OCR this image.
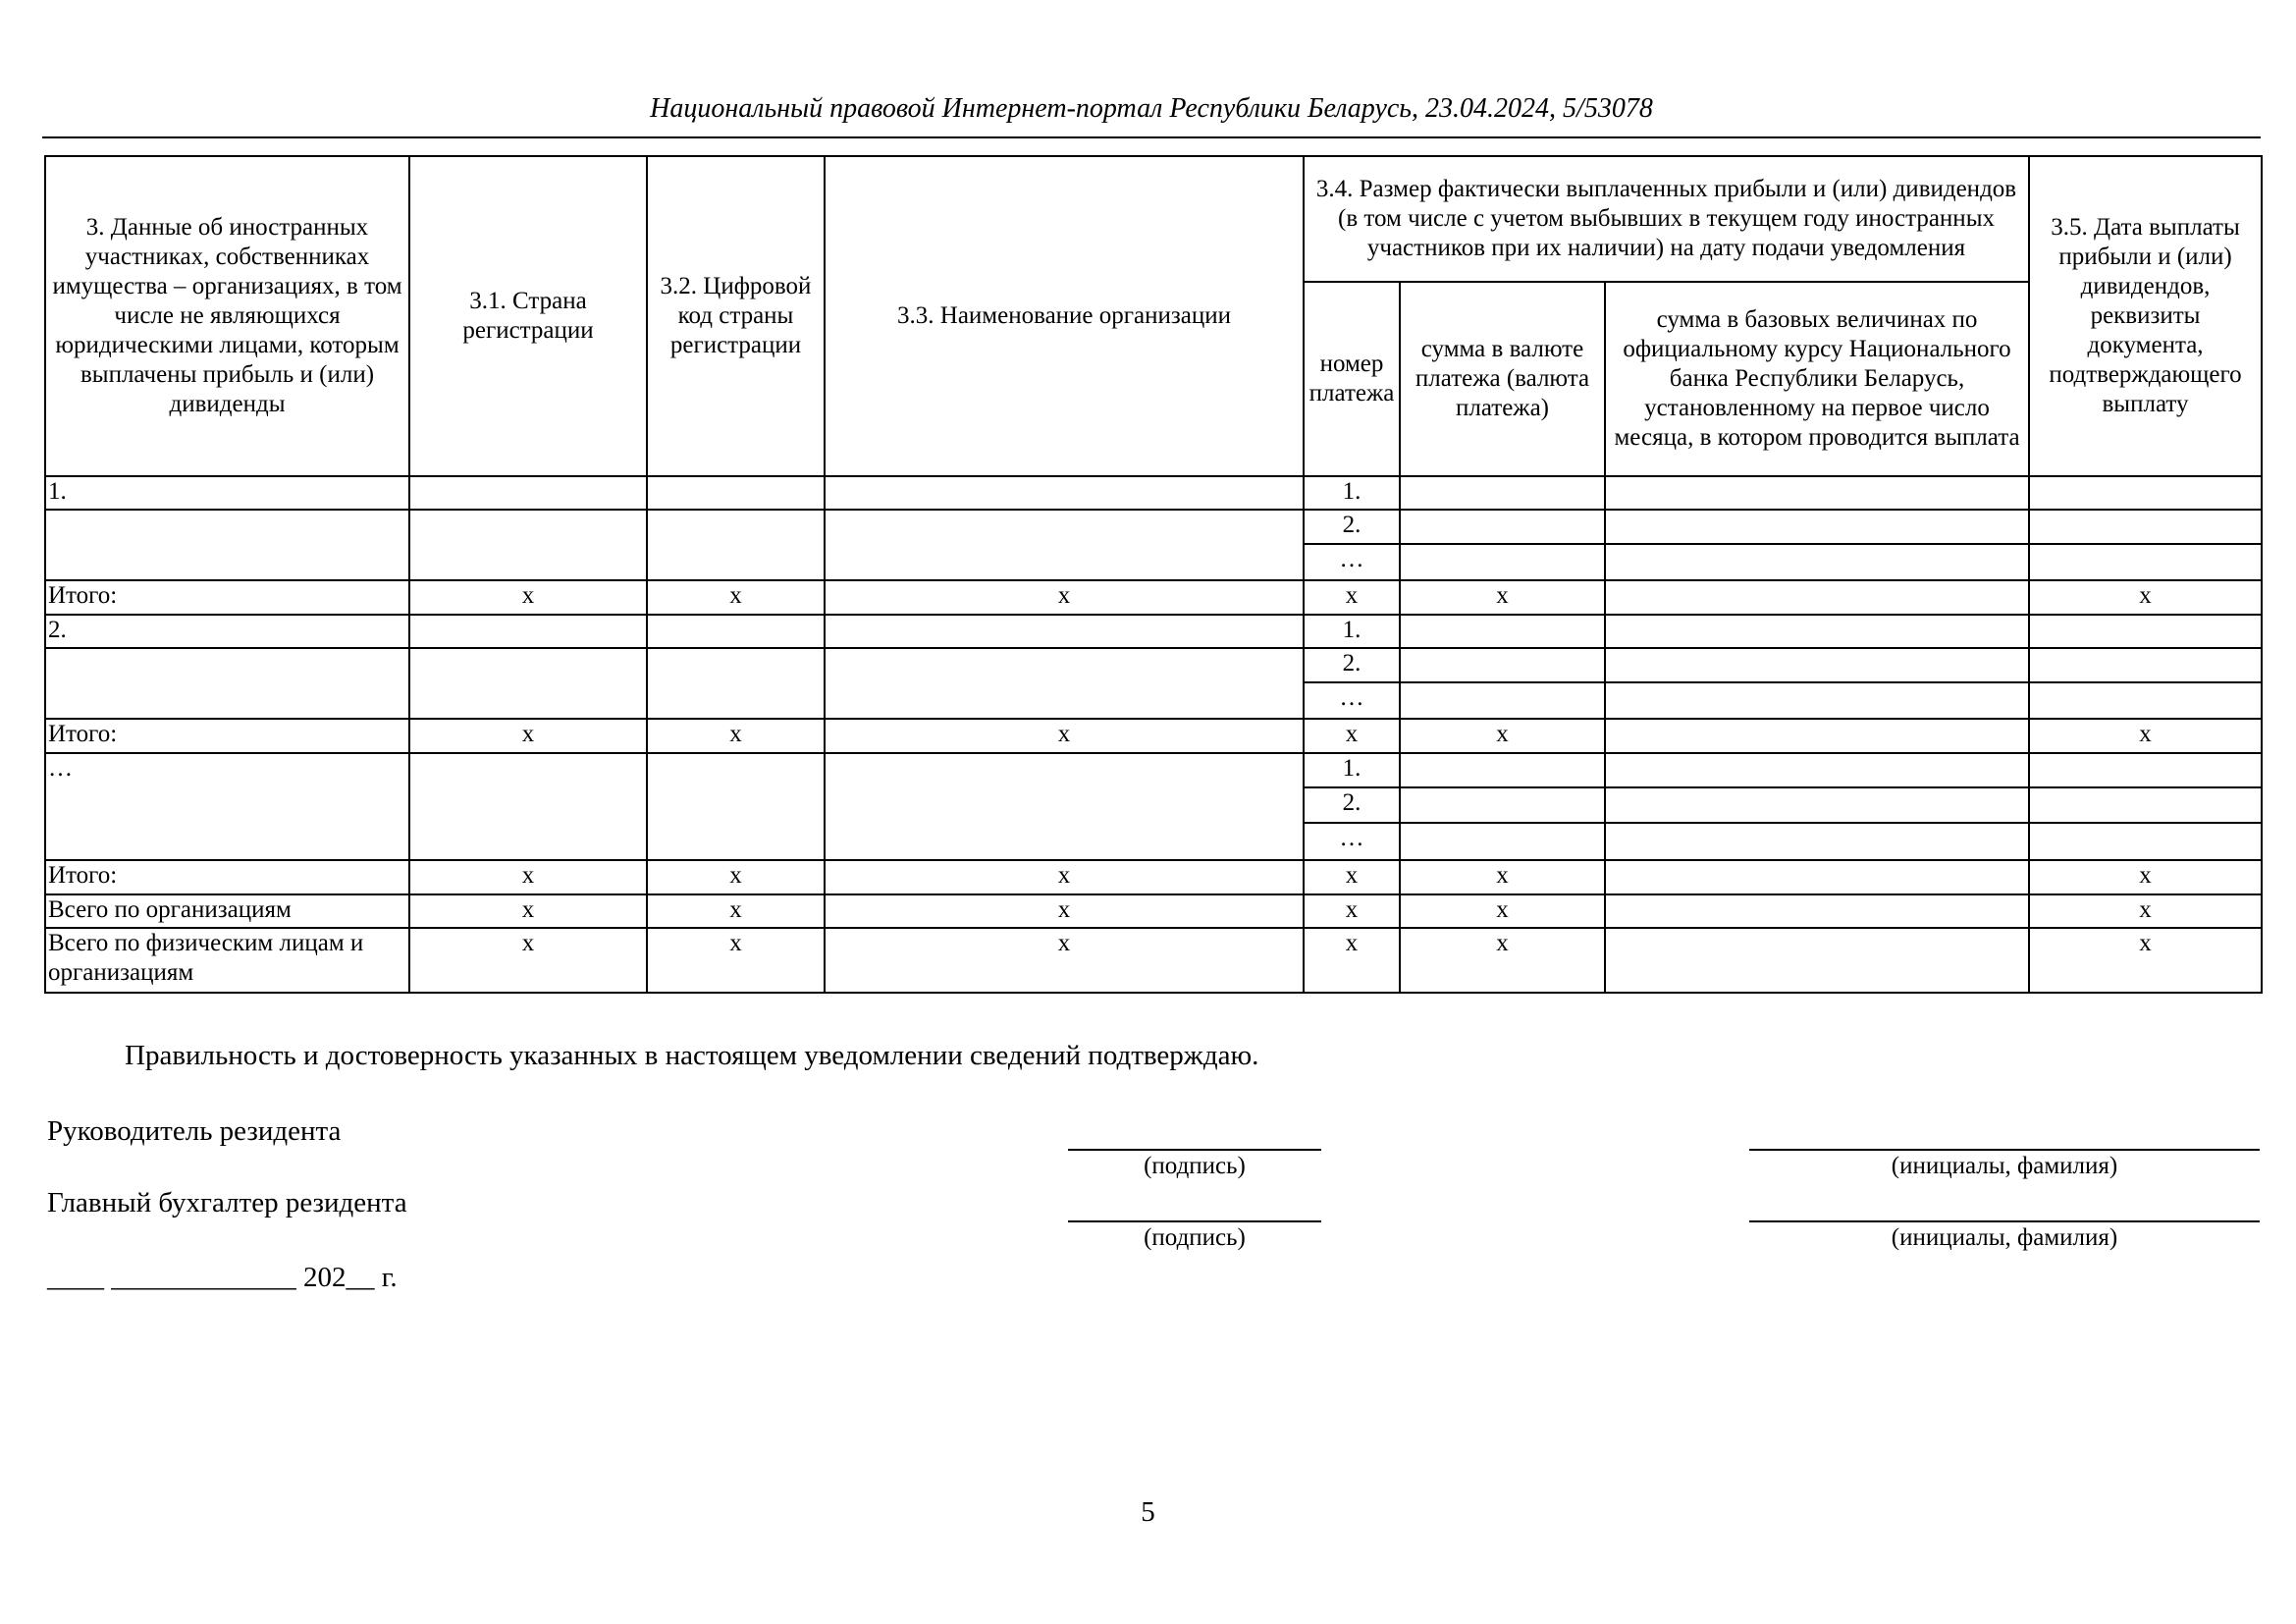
Национальный правовой Интернет-портал Республики Беларусь, 23.04.2024, 5/53078
3. Данные об иностранных участниках, собственниках имущества – организациях, в том числе не являющихся юридическими лицами, которым выплачены прибыль и (или) дивиденды	3.1. Страна регистрации	3.2. Цифровой код страны регистрации	3.3. Наименование организации	3.4. Размер фактически выплаченных прибыли и (или) дивидендов (в том числе с учетом выбывших в текущем году иностранных участников при их наличии) на дату подачи уведомления			3.5. Дата выплаты прибыли и (или) дивидендов, реквизиты документа, подтверждающего выплату
				номер платежа	сумма в валюте платежа (валюта платежа)	сумма в базовых величинах по официальному курсу Национального банка Республики Беларусь, установленному на первое число месяца, в котором проводится выплата	
1.				1.			
				2.			
				…			
Итого:	х	х	х	х	х		х
2.				1.			
				2.			
				…			
Итого:	х	х	х	х	х		х
…				1.			
				2.			
				…			
Итого:	х	х	х	х	х		х
Всего по организациям	х	х	х	х	х		х
Всего по физическим лицам и организациям	х	х	х	х	х		х
Правильность и достоверность указанных в настоящем уведомлении сведений подтверждаю.
Руководитель резидента
(подпись)	(инициалы, фамилия)
Главный бухгалтер резидента
(подпись)	(инициалы, фамилия)
____ _____________ 202__ г.
5
